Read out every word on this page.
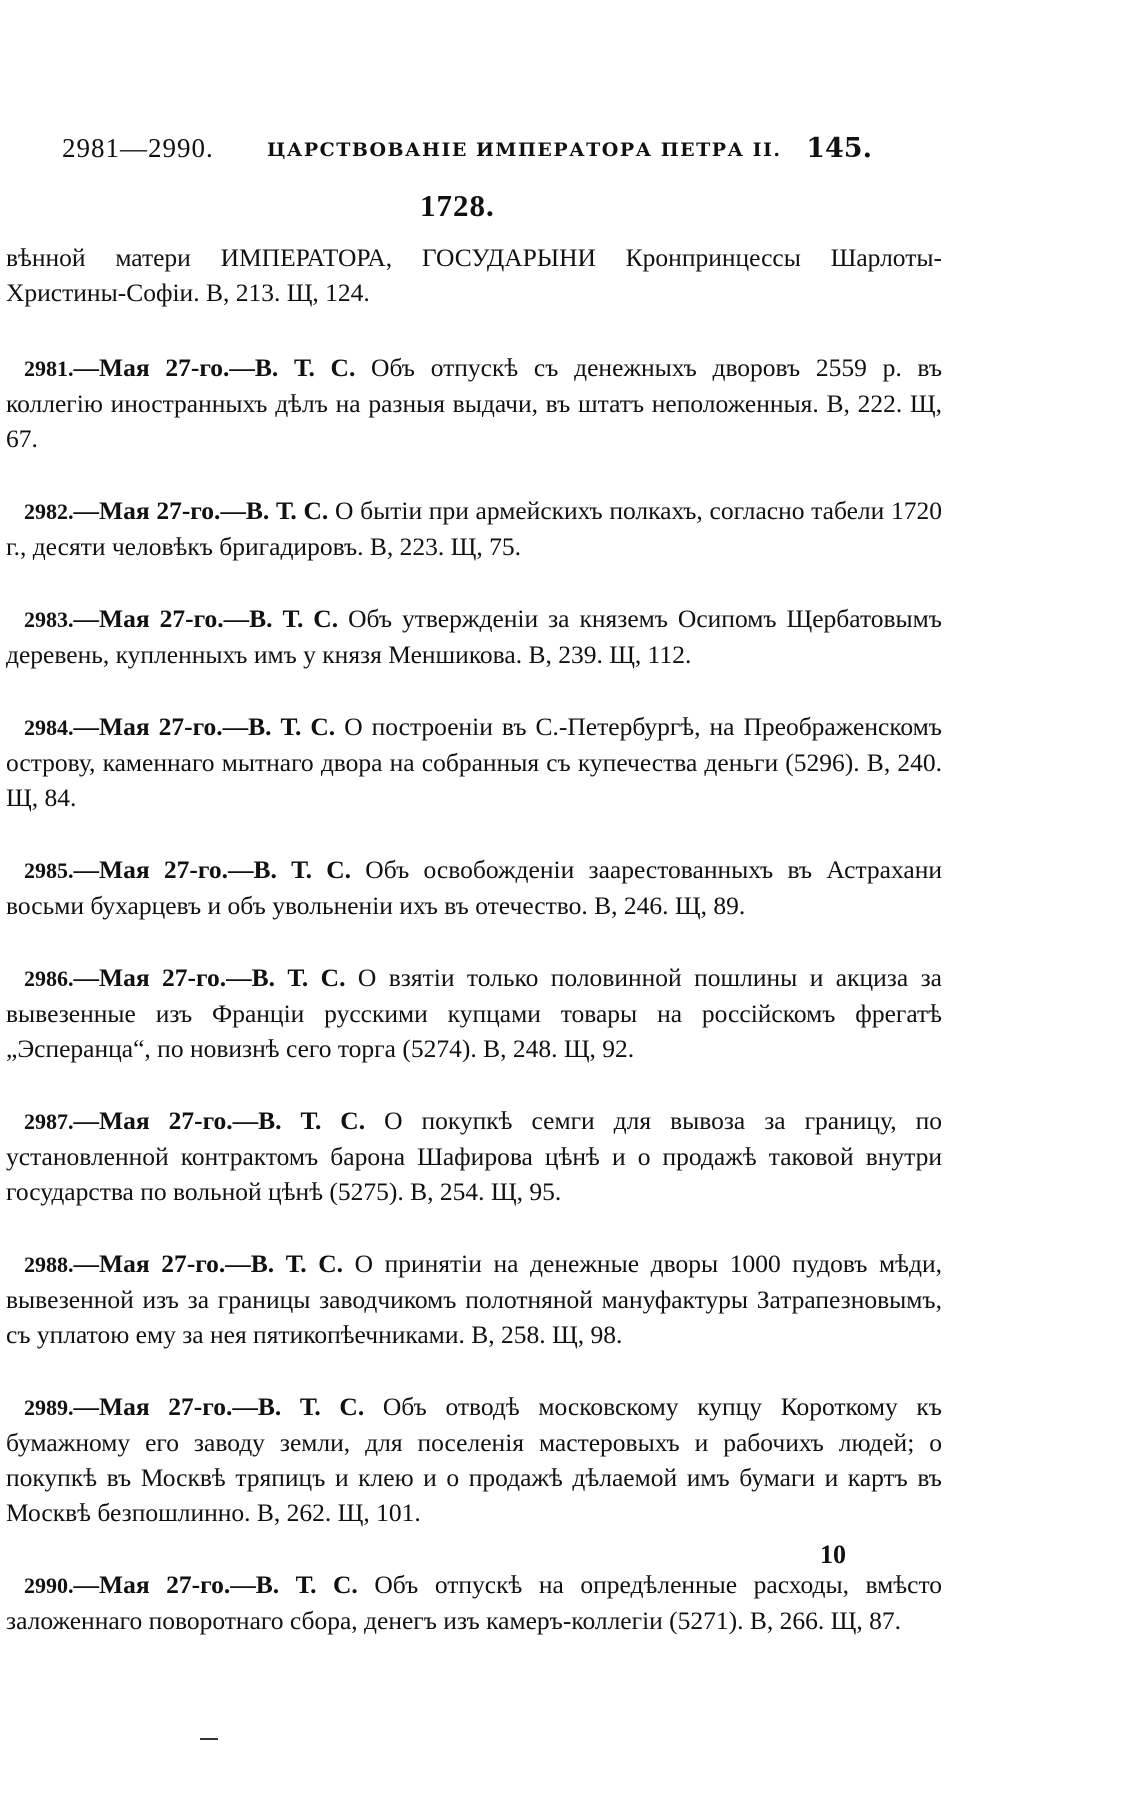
2981—2990.	ЦАРСТВОВАНІЕ ИМПЕРАТОРА ПЕТРА II. 145.
1728.

вѣнной матери ИМПЕРАТОРА, ГОСУДАРЫНИ Кронпринцессы Шарлоты-Христины-Софіи. В, 213. Щ, 124.

2981.—Мая 27-го.—В. Т. С. Объ отпускѣ съ денежныхъ дворовъ 2559 р. въ коллегію иностранныхъ дѣлъ на разныя выдачи, въ штатъ неположенныя. В, 222. Щ, 67.

2982.—Мая 27-го.—В. Т. С. О бытіи при армейскихъ полкахъ, согласно табели 1720 г., десяти человѣкъ бригадировъ. В, 223. Щ, 75.

2983.—Мая 27-го.—В. Т. С. Объ утвержденіи за княземъ Осипомъ Щербатовымъ деревень, купленныхъ имъ у князя Меншикова. В, 239. Щ, 112.

2984.—Мая 27-го.—В. Т. С. О построеніи въ С.-Петербургѣ, на Преображенскомъ острову, каменнаго мытнаго двора на собранныя съ купечества деньги (5296). В, 240. Щ, 84.

2985.—Мая 27-го.—В. Т. С. Объ освобожденіи заарестованныхъ въ Астрахани восьми бухарцевъ и объ увольненіи ихъ въ отечество. В, 246. Щ, 89.

2986.—Мая 27-го.—В. Т. С. О взятіи только половинной пошлины и акциза за вывезенные изъ Франціи русскими купцами товары на россійскомъ фрегатѣ „Эсперанца“, по новизнѣ сего торга (5274). В, 248. Щ, 92.

2987.—Мая 27-го.—В. Т. С. О покупкѣ семги для вывоза за границу, по установленной контрактомъ барона Шафирова цѣнѣ и о продажѣ таковой внутри государства по вольной цѣнѣ (5275). В, 254. Щ, 95.

2988.—Мая 27-го.—В. Т. С. О принятіи на денежные дворы 1000 пудовъ мѣди, вывезенной изъ за границы заводчикомъ полотняной мануфактуры Затрапезновымъ, съ уплатою ему за нея пятикопѣечниками. В, 258. Щ, 98.

2989.—Мая 27-го.—В. Т. С. Объ отводѣ московскому купцу Короткому къ бумажному его заводу земли, для поселенія мастеровыхъ и рабочихъ людей; о покупкѣ въ Москвѣ тряпицъ и клею и о продажѣ дѣлаемой имъ бумаги и картъ въ Москвѣ безпошлинно. В, 262. Щ, 101.

2990.—Мая 27-го.—В. Т. С. Объ отпускѣ на опредѣленные расходы, вмѣсто заложеннаго поворотнаго сбора, денегъ изъ камеръ-коллегіи (5271). В, 266. Щ, 87.

10
